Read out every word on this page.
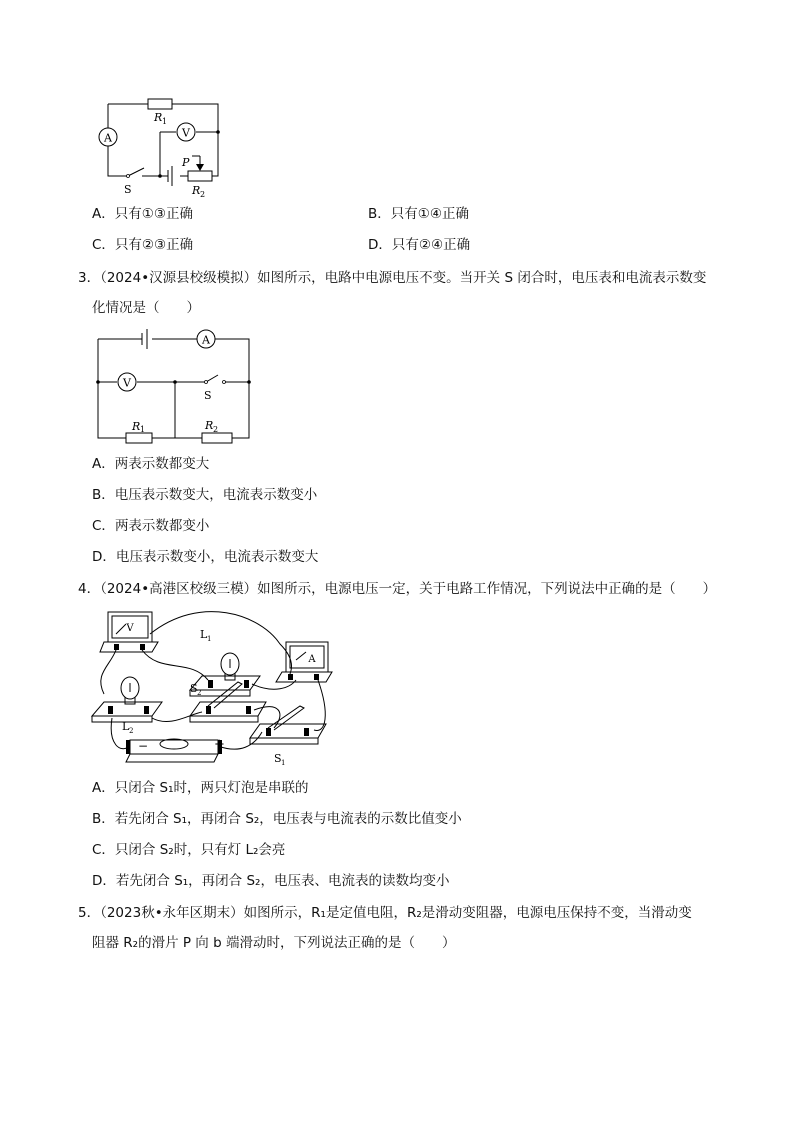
A	V
R 1
S
P
R 2
A．只有①③正确	B．只有①④正确
C．只有②③正确	D．只有②④正确
3．（2024•汉源县校级模拟）如图所示，电路中电源电压不变。当开关 S 闭合时，电压表和电流表示数变
化情况是（　　）
A
V
S
R 1	R 2
A．两表示数都变大
B．电压表示数变大，电流表示数变小
C．两表示数都变小
D．电压表示数变小，电流表示数变大
4．（2024•高港区校级三模）如图所示，电源电压一定，关于电路工作情况，下列说法中正确的是（　　）
V
A
L 1
L 2
S 2
S 1
−	+
A．只闭合 S₁时，两只灯泡是串联的
B．若先闭合 S₁，再闭合 S₂，电压表与电流表的示数比值变小
C．只闭合 S₂时，只有灯 L₂会亮
D．若先闭合 S₁，再闭合 S₂，电压表、电流表的读数均变小
5．（2023秋•永年区期末）如图所示，R₁是定值电阻，R₂是滑动变阻器，电源电压保持不变，当滑动变
阻器 R₂的滑片 P 向 b 端滑动时，下列说法正确的是（　　）
